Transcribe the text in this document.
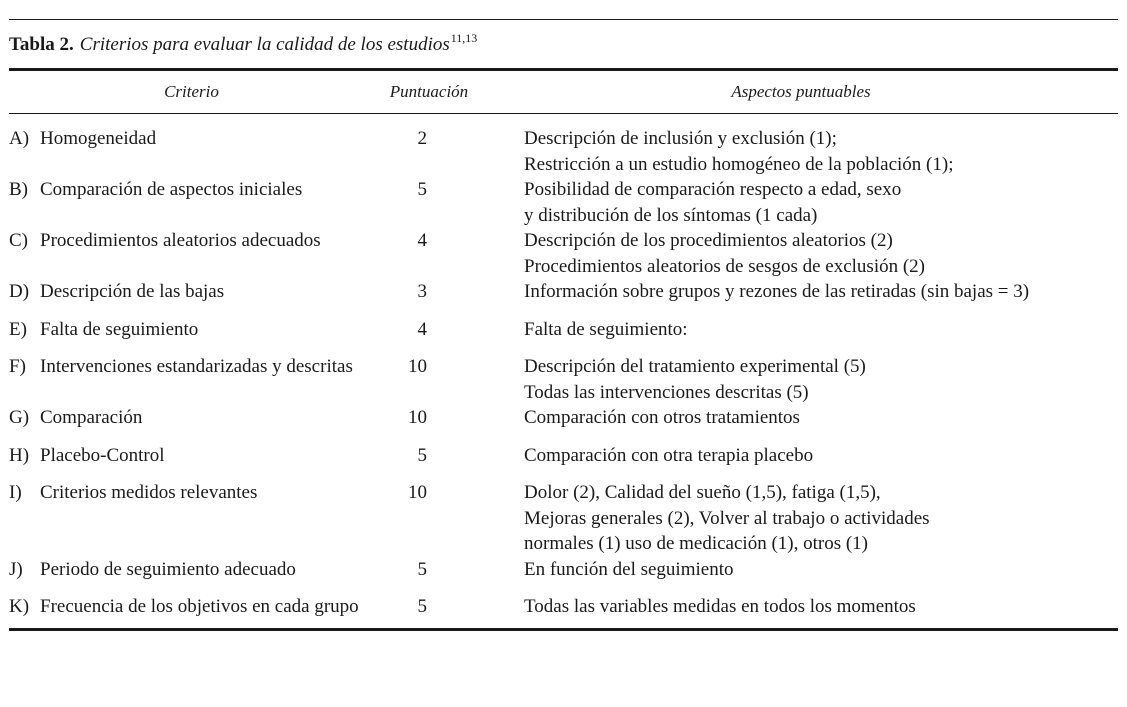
Tabla 2. Criterios para evaluar la calidad de los estudios$^{11,13}$
Criterio	Puntuación	Aspectos puntuables

A) Homogeneidad	2	Descripción de inclusión y exclusión (1);
Restricción a un estudio homogéneo de la población (1);

B) Comparación de aspectos iniciales	5	Posibilidad de comparación respecto a edad, sexo
y distribución de los síntomas (1 cada)

C) Procedimientos aleatorios adecuados	4	Descripción de los procedimientos aleatorios (2)
Procedimientos aleatorios de sesgos de exclusión (2)

D) Descripción de las bajas	3	Información sobre grupos y rezones de las retiradas (sin bajas = 3)

E) Falta de seguimiento	4	Falta de seguimiento:

F) Intervenciones estandarizadas y descritas	10	Descripción del tratamiento experimental (5)
Todas las intervenciones descritas (5)

G) Comparación	10	Comparación con otros tratamientos

H) Placebo-Control	5	Comparación con otra terapia placebo

I) Criterios medidos relevantes	10	Dolor (2), Calidad del sueño (1,5), fatiga (1,5),
Mejoras generales (2), Volver al trabajo o actividades
normales (1) uso de medicación (1), otros (1)

J) Periodo de seguimiento adecuado	5	En función del seguimiento

K) Frecuencia de los objetivos en cada grupo	5	Todas las variables medidas en todos los momentos
